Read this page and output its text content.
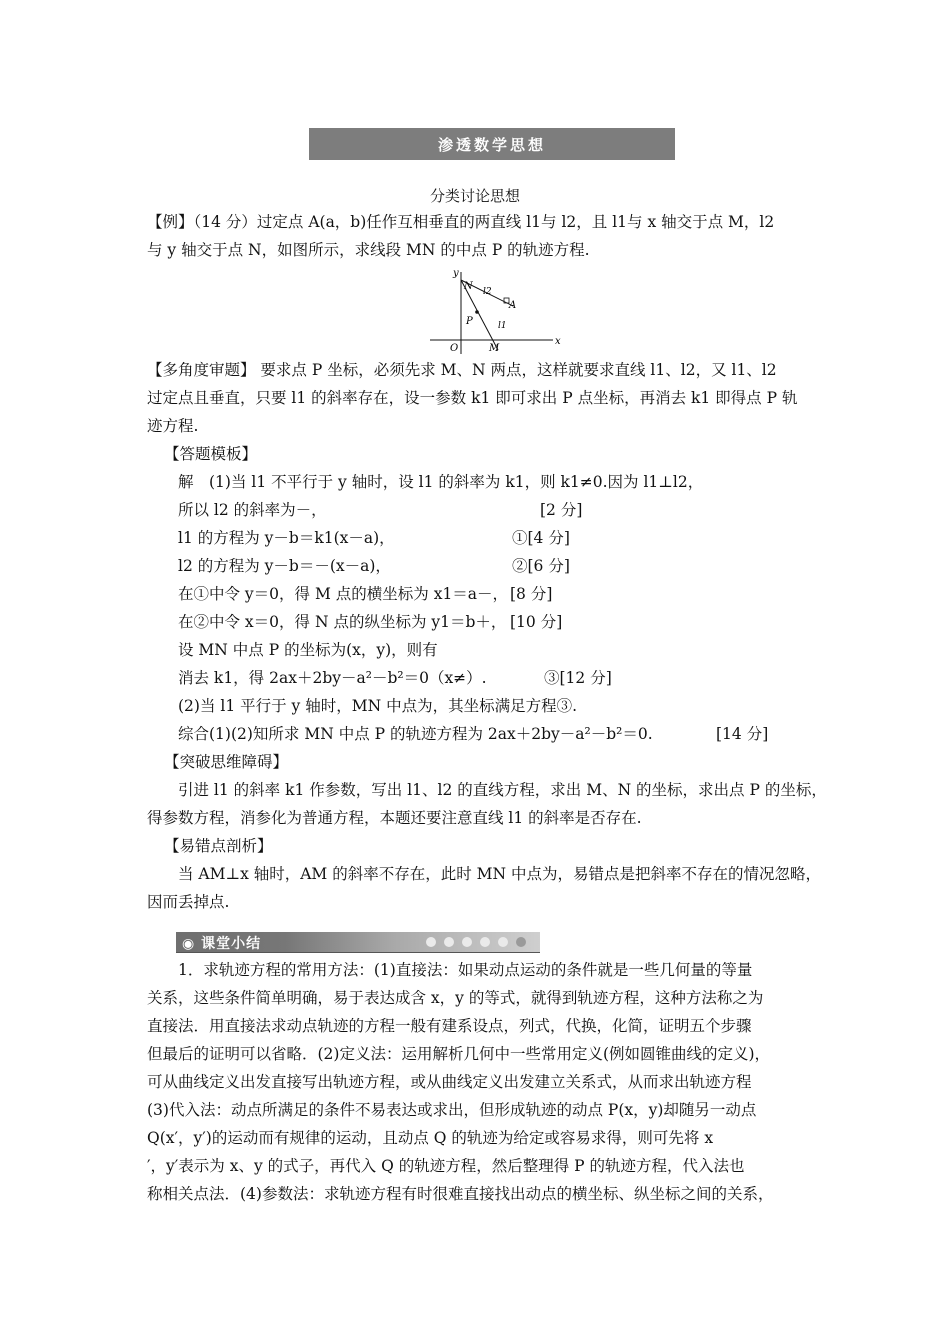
渗透数学思想
分类讨论思想
【例】（14 分）过定点 A(a，b)任作互相垂直的两直线 l1与 l2，且 l1与 x 轴交于点 M，l2
与 y 轴交于点 N，如图所示，求线段 MN 的中点 P 的轨迹方程.
y
x
N l2
A
P	l1
O	M
【多角度审题】 要求点 P 坐标，必须先求 M、N 两点，这样就要求直线 l1、l2，又 l1、l2
过定点且垂直，只要 l1 的斜率存在，设一参数 k1 即可求出 P 点坐标，再消去 k1 即得点 P 轨
迹方程.
【答题模板】
解　(1)当 l1 不平行于 y 轴时，设 l1 的斜率为 k1，则 k1≠0.因为 l1⊥l2，
所以 l2 的斜率为－，	[2 分]
l1 的方程为 y－b＝k1(x－a)，	①[4 分]
l2 的方程为 y－b＝－(x－a)，	②[6 分]
在①中令 y＝0，得 M 点的横坐标为 x1＝a－， [8 分]
在②中令 x＝0，得 N 点的纵坐标为 y1＝b＋， [10 分]
设 MN 中点 P 的坐标为(x，y)，则有
消去 k1，得 2ax＋2by－a²－b²＝0（x≠）.	③[12 分]
(2)当 l1 平行于 y 轴时，MN 中点为，其坐标满足方程③.
综合(1)(2)知所求 MN 中点 P 的轨迹方程为 2ax＋2by－a²－b²＝0.	[14 分]
【突破思维障碍】
引进 l1 的斜率 k1 作参数，写出 l1、l2 的直线方程，求出 M、N 的坐标，求出点 P 的坐标，
得参数方程，消参化为普通方程，本题还要注意直线 l1 的斜率是否存在.
【易错点剖析】
当 AM⊥x 轴时，AM 的斜率不存在，此时 MN 中点为，易错点是把斜率不存在的情况忽略，
因而丢掉点.
◉ 课堂小结
1．求轨迹方程的常用方法：(1)直接法：如果动点运动的条件就是一些几何量的等量
关系，这些条件简单明确，易于表达成含 x，y 的等式，就得到轨迹方程，这种方法称之为
直接法．用直接法求动点轨迹的方程一般有建系设点，列式，代换，化简，证明五个步骤
但最后的证明可以省略．(2)定义法：运用解析几何中一些常用定义(例如圆锥曲线的定义)，
可从曲线定义出发直接写出轨迹方程，或从曲线定义出发建立关系式，从而求出轨迹方程
(3)代入法：动点所满足的条件不易表达或求出，但形成轨迹的动点 P(x，y)却随另一动点
Q(x′，y′)的运动而有规律的运动，且动点 Q 的轨迹为给定或容易求得，则可先将 x
′，y′表示为 x、y 的式子，再代入 Q 的轨迹方程，然后整理得 P 的轨迹方程，代入法也
称相关点法．(4)参数法：求轨迹方程有时很难直接找出动点的横坐标、纵坐标之间的关系，
